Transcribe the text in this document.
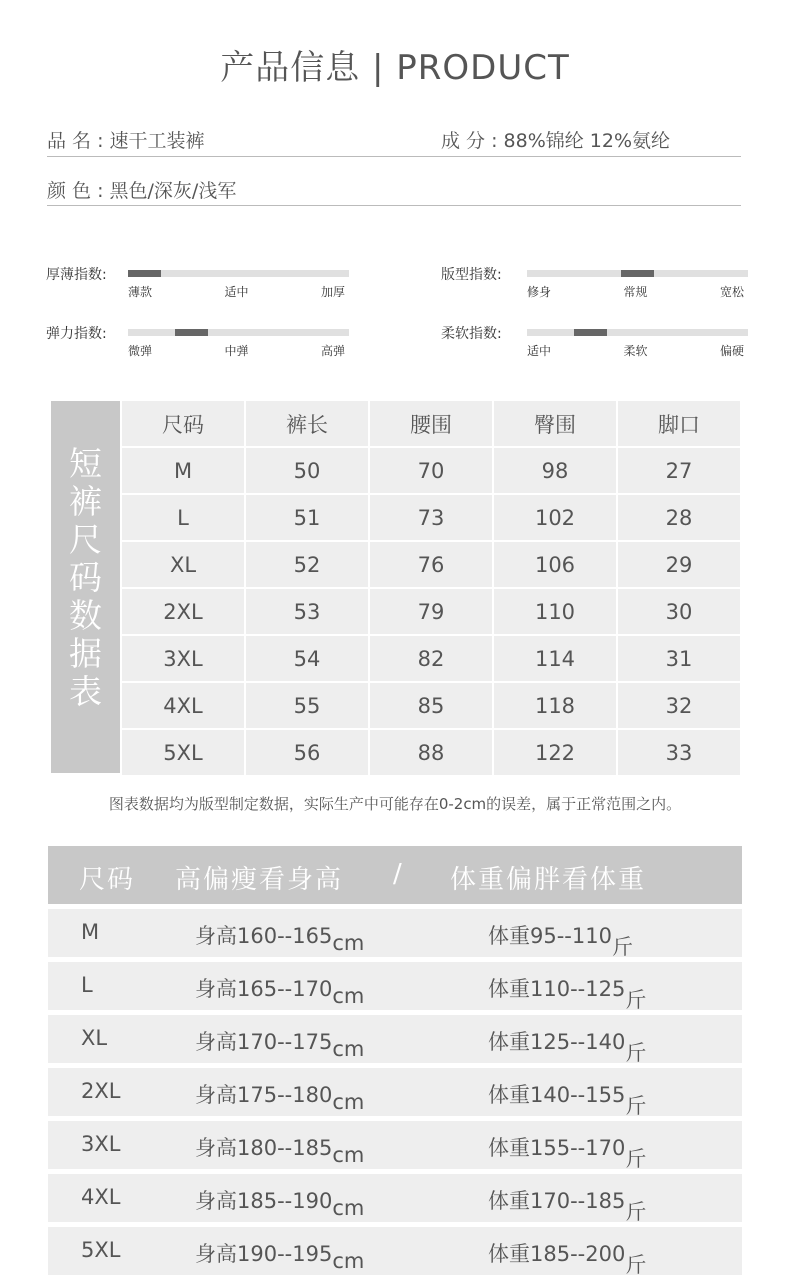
产品信息 | PRODUCT
品 名 : 速干工装裤	成 分 : 88%锦纶 12%氨纶
颜 色 : 黑色/深灰/浅军
厚薄指数:
薄款	适中	加厚
版型指数:
修身	常规	宽松
弹力指数:
微弹	中弹	高弹
柔软指数:
适中	柔软	偏硬
短
裤
尺
码
数
据
表
尺码	裤长	腰围	臀围	脚口
M	50	70	98	27
L	51	73	102	28
XL	52	76	106	29
2XL	53	79	110	30
3XL	54	82	114	31
4XL	55	85	118	32
5XL	56	88	122	33
图表数据均为版型制定数据，实际生产中可能存在0-2cm的误差，属于正常范围之内。
尺码 高偏瘦看身高 / 体重偏胖看体重
M	身高160--165 cm	体重95--110 斤
L	身高165--170 cm	体重110--125 斤
XL	身高170--175 cm	体重125--140 斤
2XL	身高175--180 cm	体重140--155 斤
3XL	身高180--185 cm	体重155--170 斤
4XL	身高185--190 cm	体重170--185 斤
5XL	身高190--195 cm	体重185--200 斤
